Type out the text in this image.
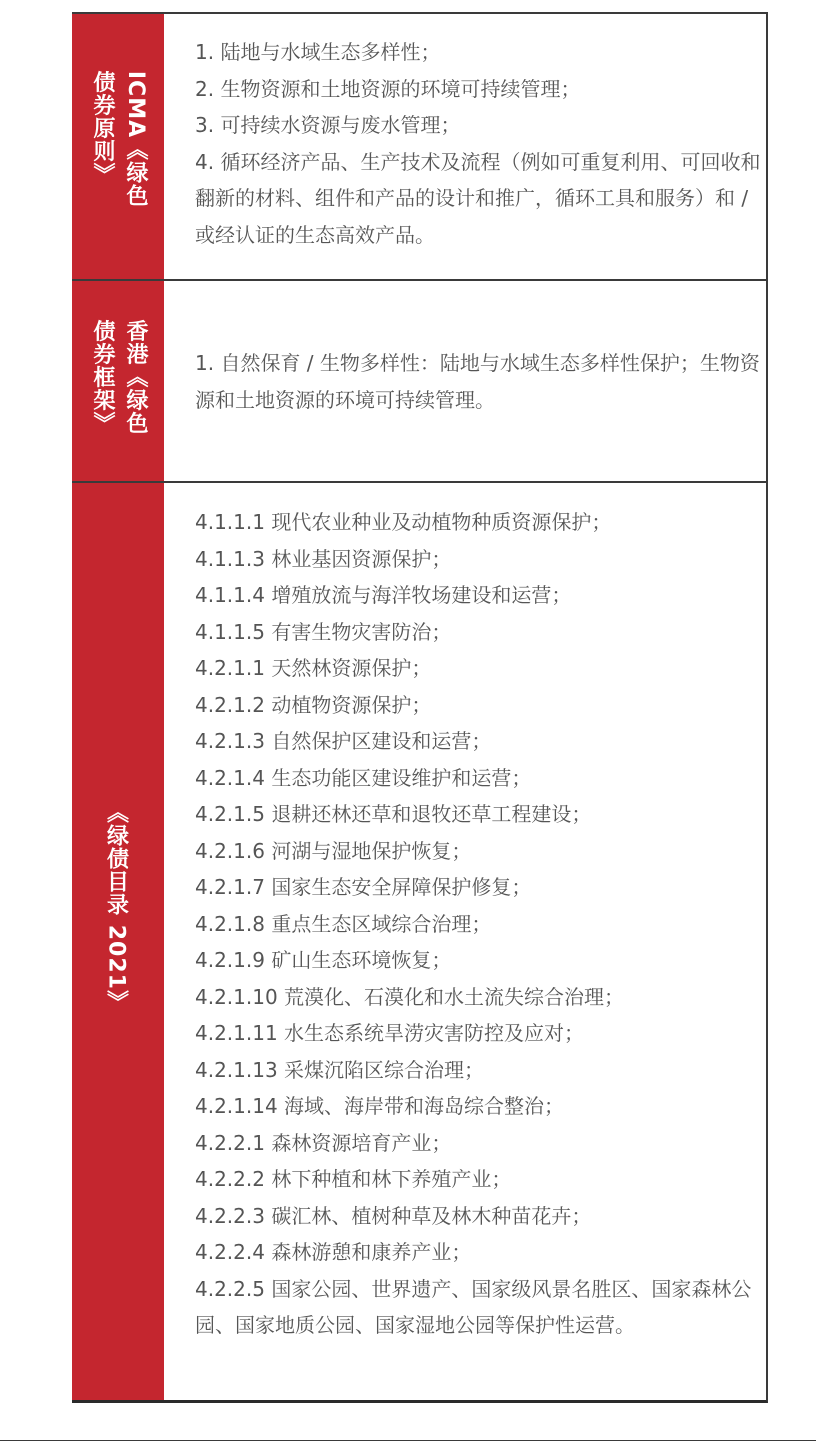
ICMA《绿色
债券原则》
1. 陆地与水域生态多样性；
2. 生物资源和土地资源的环境可持续管理；
3. 可持续水资源与废水管理；
4. 循环经济产品、生产技术及流程（例如可重复利用、可回收和翻新的材料、组件和产品的设计和推广，循环工具和服务）和 / 或经认证的生态高效产品。
香港《绿色
债券框架》	1. 自然保育 / 生物多样性：陆地与水域生态多样性保护；生物资源和土地资源的环境可持续管理。
《绿债目录 2021》
4.1.1.1 现代农业种业及动植物种质资源保护；
4.1.1.3 林业基因资源保护；
4.1.1.4 增殖放流与海洋牧场建设和运营；
4.1.1.5 有害生物灾害防治；
4.2.1.1 天然林资源保护；
4.2.1.2 动植物资源保护；
4.2.1.3 自然保护区建设和运营；
4.2.1.4 生态功能区建设维护和运营；
4.2.1.5 退耕还林还草和退牧还草工程建设；
4.2.1.6 河湖与湿地保护恢复；
4.2.1.7 国家生态安全屏障保护修复；
4.2.1.8 重点生态区域综合治理；
4.2.1.9 矿山生态环境恢复；
4.2.1.10 荒漠化、石漠化和水土流失综合治理；
4.2.1.11 水生态系统旱涝灾害防控及应对；
4.2.1.13 采煤沉陷区综合治理；
4.2.1.14 海域、海岸带和海岛综合整治；
4.2.2.1 森林资源培育产业；
4.2.2.2 林下种植和林下养殖产业；
4.2.2.3 碳汇林、植树种草及林木种苗花卉；
4.2.2.4 森林游憩和康养产业；
4.2.2.5 国家公园、世界遗产、国家级风景名胜区、国家森林公园、国家地质公园、国家湿地公园等保护性运营。
